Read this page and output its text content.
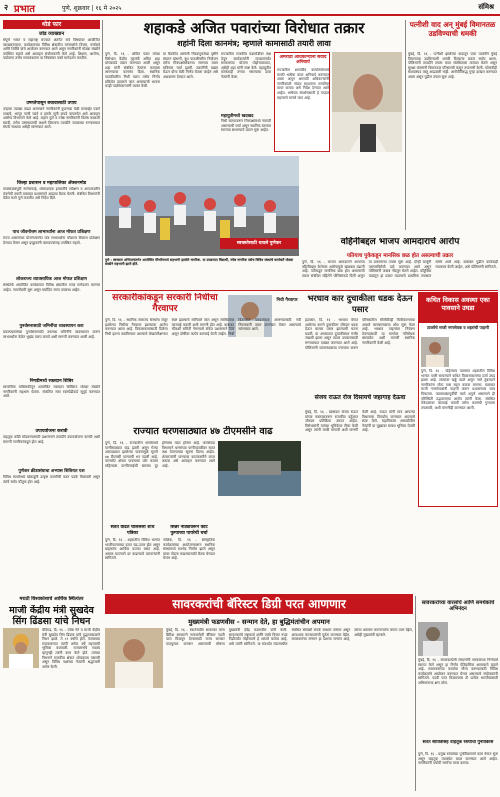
२ प्रभात	पुणे, शुक्रवार | १६ मे २०२५	संमिश्र
थोडं फार
जोड व्याख्यान
संपूर्ण भारत व महाराष्ट्र राज्यात अंतर्गत सर्व विषयांवर आयोजित व्याख्यानमाला, कार्यक्रमाच्या विविध क्षेत्रातील मान्यवरांचे विचार, चर्चासत्रे आणि शिबिरे यांचे आयोजन करण्यात आले असून नागरिकांनी मोठ्या संख्येने उपस्थित राहावे असे आवाहन संयोजकांनी केले आहे. शिक्षण, आरोग्य, पर्यावरण तसेच समाजकारण या विषयांवर वक्ते मार्गदर्शन करतील.
उष्णतेपासून बचावासाठी उपाय
उन्हाचा तडाखा वाढत असल्याने नागरिकांनी दुपारच्या वेळी घराबाहेर पडणे टाळावे, भरपूर पाणी प्यावे व हलके सुती कपडे वापरावेत असे आवाहन आरोग्य विभागाने केले आहे. लहान मुले व ज्येष्ठ नागरिकांनी विशेष काळजी घ्यावी, तसेच उष्माघाताची लक्षणे दिसताच तातडीने जवळच्या रुग्णालयात संपर्क साधावा असेही सांगण्यात आले.
जिल्हा प्रशासन व महापालिका ॲक्शनमोड
पावसाळ्यापूर्वी नालेसफाई, धोकादायक इमारतींचे सर्वेक्षण व आपत्कालीन यंत्रणेची तयारी याबाबत प्रशासनाने आढावा बैठक घेतली. संबंधित विभागांनी वेळेत कामे पूर्ण करावीत असे निर्देश दिले.
पाच जीवनोत्तम लाभार्थ्यांना आज मोफत प्रशिक्षण
राज्य शासनाच्या योजनेअंतर्गत पात्र लाभार्थ्यांना कौशल्य विकास प्रशिक्षण देण्यात येणार असून इच्छुकांनी कागदपत्रांसह उपस्थित राहावे.
लोकराज्य व्यावसायिक आज मोफत प्रशिक्षण
संस्थेतर्फे आयोजित कार्यक्रमात विविध क्षेत्रातील तज्ज्ञ मार्गदर्शन करणार आहेत. नावनोंदणी सुरू असून मर्यादित जागा उपलब्ध आहेत.
पुनर्वसनासाठी जमिनींचा व्यवस्थापन करा
प्रकल्पग्रस्तांच्या पुनर्वसनासाठी उपलब्ध जमिनींचे व्यवस्थापन करून लाभार्थ्यांना वेळेत भूखंड वाटप करावे अशी मागणी करण्यात आली आहे.
निगडीमध्ये रक्तदान शिबिर
सामाजिक बांधिलकीतून आयोजित रक्तदान शिबिरात मोठ्या संख्येने नागरिकांनी सहभाग घेतला. संकलित रक्त रक्तपेढीकडे सुपूर्द करण्यात आले.
उपाययोजना करावी
वाहतूक कोंडी सोडवण्यासाठी प्रशासनाने तातडीने उपाययोजना करावी अशी मागणी नागरिकांकडून होत आहे.
पुणेकर क्रीडासंघाचा अभ्यास शिबिरात यश
विविध स्पर्धांमध्ये खेळाडूंनी उत्कृष्ट कामगिरी करत पदके मिळवली असून त्यांचे सर्वत्र कौतुक होत आहे.
शहाकडे अजित पवारांच्या विरोधात तक्रार
शहांनी दिला कानमंत्र; म्हणाले कामासाठी तयारी लावा
पुणे, दि. १६ - अजित पवार यांच्या विरोधात केंद्रीय गृहमंत्री अमित शहा यांच्याकडे तक्रार करण्यात आली असून शहा यांनी संबंधित नेत्यांना कामाला लागण्याचा कानमंत्र दिला. स्थानिक पातळीवरील निधी वाटप तसेच निर्णय प्रक्रियेत डावलले जात असल्याची भावना काही पदाधिकाऱ्यांनी व्यक्त केली.
या बैठकीत आगामी निवडणुकांच्या दृष्टीने संघटन बांधणी, बूथ पातळीवरील नियोजन तसेच मित्रपक्षांसोबतचा समन्वय यावर सविस्तर चर्चा झाली. तक्रारींची दखल घेऊन योग्य वेळी निर्णय घेतला जाईल असे आश्वासन देण्यात आले.
राज्यातील राजकीय घडामोडींवर लक्ष ठेवून कार्यकर्त्यांनी मतदारांपर्यंत सरकारच्या योजना पोहोचवाव्यात, असेही शहा यांनी स्पष्ट केले. महायुतीत कोणताही तणाव नसल्याचा दावा नेत्यांनी केला.
महायुतीमध्ये खदखद
निधी वाटपावरून मित्रपक्षांमध्ये नाराजी असल्याची चर्चा असून स्थानिक स्तरावर समन्वय साधण्याचे प्रयत्न सुरू आहेत.
अमराठी अधिकाऱ्यांनी संवाद अनिवार्य
राज्यातील शासकीय कार्यालयांमध्ये मराठी भाषेचा वापर अनिवार्य करण्यात आला असून अमराठी अधिकाऱ्यांनी नागरिकांशी संवाद साधताना मराठीचा वापर करावा असे निर्देश देण्यात आले आहेत. भाषेच्या संवर्धनासाठी हे पाऊल महत्त्वाचे मानले जात आहे.
पत्नीशी वाद अन् मुंबई विमानतळ उडविण्याची धमकी
मुंबई, दि. १६ - पत्नीशी झालेल्या वादातून एका व्यक्तीने मुंबई विमानतळ उडविण्याची धमकी दिल्याचा प्रकार समोर आला. पोलिसांनी तातडीने तपास करत संबंधिताला ताब्यात घेतले असून सुरक्षा यंत्रणांनी विमानतळ परिसराची कसून तपासणी केली. कोणतीही संशयास्पद वस्तू आढळली नाही. आरोपीविरुद्ध गुन्हा दाखल करण्यात आला असून पुढील तपास सुरू आहे.
स्वच्छतेसाठी धावले पुणेकर
पुणे : स्वच्छता अभियानांतर्गत आयोजित मॅरेथॉनमध्ये सहभागी झालेले नागरिक. या उपक्रमात विद्यार्थी, ज्येष्ठ नागरिक तसेच विविध संस्थांचे कार्यकर्ते मोठ्या संख्येने सहभागी झाले होते.
वहिनीबद्दल भाजप आमदाराचे आरोप
पतियाच पुकेकडून मानसिक छळ होत असल्याची तक्रार
पुणे, दि. १६ - भाजप आमदाराने आपल्या वहिनीबद्दल केलेल्या आरोपांमुळे खळबळ उडाली आहे. पतीकडून मानसिक छळ होत असल्याची तक्रार संबंधित महिलेने पोलिसांकडे दिली असून या प्रकरणाचा तपास सुरू आहे. दोन्ही बाजूंनी परस्परविरोधी दावे करण्यात आले असून पोलिसांनी जबाब नोंदवून घेतले आहेत. कौटुंबिक वादातून हा प्रकार घडल्याचे प्राथमिक तपासात समोर आले आहे. याबाबत पुढील कार्यवाही लवकरच केली जाईल, असे पोलिसांनी सांगितले.
सरकारीकांकडून सरकारी निधीचा गैरवापर
निधी गैरवापर
पुणे, दि. १६ - स्थानिक स्वराज्य संस्थांना मंजूर झालेल्या निधीचा गैरवापर झाल्याचा आरोप करण्यात आला आहे. विकासकामांसाठी दिलेला निधी इतरत्र वळविण्यात आल्याचे लेखापरीक्षणात स्पष्ट झाल्याचे सांगितले जात असून संबंधितांवर कारवाई करावी अशी मागणी होत आहे. याबाबत चौकशी समिती नेमण्याचे संकेत प्रशासनाने दिले असून दोषींवर कठोर कारवाई केली जाईल. निधी वितरणात पारदर्शकता आणण्यासाठी नवी नियमावली तयार करण्यात येणार असल्याचे सांगण्यात आले.
भरधाव कार दुचाकीला धडक देऊन पसार
हडपसर, दि. १६ - भरधाव वेगात आलेल्या कारने दुचाकीला जोरदार धडक देऊन चालक पसार झाल्याची घटना घडली. या अपघातात दुचाकीस्वार गंभीर जखमी झाला असून त्याला उपचारासाठी रुग्णालयात दाखल करण्यात आले आहे. पोलिसांनी घटनास्थळाचा पंचनामा करून परिसरातील सीसीटीव्ही चित्रीकरणाच्या आधारे कारचालकाचा शोध सुरू केला आहे. भरधाव वाहनांवर नियंत्रण ठेवण्यासाठी या मार्गावर गतिरोधक बसवावेत अशी मागणी स्थानिक नागरिकांनी केली आहे.
कथित विकास अवस्था एका पावसाने उघडा
ठाकरेंचे माजी नगरसेवक व शहरांची पाहणी
पुणे, दि. १६ - पहिल्याच पावसात शहरातील विविध भागांत पाणी साचल्याने कथित विकासकामांचा दर्जा उघड झाला आहे. रस्त्यांवर खड्डे पडले असून नाले तुंबल्याने नागरिकांना मोठा त्रास सहन करावा लागला. याबाबत माजी नगरसेवकांनी पाहणी करून प्रशासनाला जाब विचारला. पावसाळ्यापूर्वीची कामे अपूर्ण असल्याने ही परिस्थिती उद्भवल्याचा आरोप त्यांनी केला. संबंधित ठेकेदारांवर कारवाई करावी तसेच कामांची गुणवत्ता तपासावी, अशी मागणीही करण्यात आली.
राज्यात धरणसाठ्यात ४७ टीएमसीने वाढ
पुणे, दि. १६ - राज्यातील धरणांमध्ये पाणीसाठ्यात वाढ झाली असून गेल्या आठवड्यात झालेल्या पावसामुळे सुमारे ४७ टीएमसी पाण्याची भर पडली आहे. पाणलोट क्षेत्रात पावसाचा जोर कायम राहिल्यास पाणीटंचाईची समस्या दूर होण्यास मदत होणार आहे. जलसंपदा विभागाने धरणांच्या पाणीपातळीवर सतत लक्ष ठेवण्याच्या सूचना दिल्या आहेत. शेतकऱ्यांनी पाण्याचा काटकसरीने वापर करावा असे आवाहन करण्यात आले आहे.
संजय राऊत रोज दिसायचे जहागाह देऊवा
मुंबई, दि. १६ - खासदार संजय राऊत यांच्या वक्तव्यावरून राजकीय वर्तुळात जोरदार प्रतिक्रिया उमटत आहेत. विरोधकांनी त्यांच्या भूमिकेवर टीका केली असून त्यांनी माफी मागावी अशी मागणी केली आहे. राऊत यांनी मात्र आपल्या विधानाचा विपर्यास करण्यात आल्याचे स्पष्ट केले. महाविकास आघाडीतील नेत्यांनी या मुद्द्यावर सावध भूमिका घेतली आहे.
मराठी विश्वकोशाचे आर्थिक स्थित्यंतर
माजी केंद्रीय मंत्री सुखदेव सिंग ढिंडसा यांचे निधन
चंदिगढ, दि. १६ - ज्येष्ठ नेते व माजी केंद्रीय मंत्री सुखदेव सिंग ढिंडसा यांचे वृद्धापकाळाने निधन झाले. ते ८९ वर्षांचे होते. पंजाबच्या राजकारणात त्यांनी अनेक वर्षे महत्त्वाची भूमिका बजावली. राज्यसभेचे सदस्य म्हणूनही त्यांनी काम केले होते. त्यांच्या निधनाने राजकीय क्षेत्रात शोककळा पसरली असून विविध पक्षांच्या नेत्यांनी श्रद्धांजली अर्पण केली.
सतत वाढत चाललेली शोध पत्रिका
पुणे, दि. १६ - शहरातील विविध भागांत भाजीपाल्याच्या दरात चढ-उतार होत असून ग्राहकांना आर्थिक फटका बसत आहे. आवक घटल्याने दर वाढल्याचे व्यापाऱ्यांनी सांगितले.
सिन्नर नाट्यावरून कोट फुग्याच्या पायरेची चर्चा
नाशिक, दि. १६ - सांस्कृतिक कार्यक्रमांच्या आयोजनावरून स्थानिक संस्थांमध्ये मतभेद निर्माण झाले असून यावर तोडगा काढण्यासाठी बैठक घेण्यात येणार आहे.
सावरकरांची बॅरिस्टर डिग्री परत आणणार
मुख्यमंत्री फडणवीस - सन्मान देते, हा बुद्धिमंतांचीन अपमान
मुंबई, दि. १६ - स्वातंत्र्यवीर सावरकर यांना ब्रिटिश सरकारने नाकारलेली बॅरिस्टर पदवी परत मिळवून देण्यासाठी राज्य सरकार पाठपुरावा करणार असल्याची घोषणा मुख्यमंत्री देवेंद्र फडणवीस यांनी केली. सावरकरांचे राष्ट्रकार्य आणि त्यांचे विचार नव्या पिढीपर्यंत पोहोचवणे हे आपले कर्तव्य आहे, असे त्यांनी सांगितले. या संदर्भात लंडनमधील संबंधित संस्थेशी संपर्क साधला जाणार असून आवश्यक कागदपत्रांची पूर्तता करण्यात येईल. सावरकरांचा सन्मान हा देशाचा सन्मान आहे, त्यांचा अवमान करणाऱ्यांना जनता उत्तर देईल, असेही मुख्यमंत्री म्हणाले.
सावरकरांच्या वारसांचे आणि समर्थकांचे अभिनंदन
मुंबई, दि. १६ - सावरकरप्रेमी संघटनांनी सरकारच्या निर्णयाचे स्वागत केले असून हा निर्णय ऐतिहासिक असल्याचे म्हटले आहे. सावरकरांच्या कार्याचा गौरव करण्यासाठी विविध कार्यक्रमांचे आयोजन करण्यात येणार असल्याचे संयोजकांनी सांगितले. पदवी परत मिळाल्यास तो प्रत्येक भारतीयासाठी अभिमानाचा क्षण ठरेल.
सतत सावित्रीसह वाहतूक रस्त्याचा पुनर्विकास
पुणे, दि. १६ - प्रमुख रस्त्यांच्या पुनर्विकासाचे काम वेगात सुरू असून वाहतूक व्यवस्थेत बदल करण्यात आले आहेत. नागरिकांनी पर्यायी मार्गांचा वापर करावा.
